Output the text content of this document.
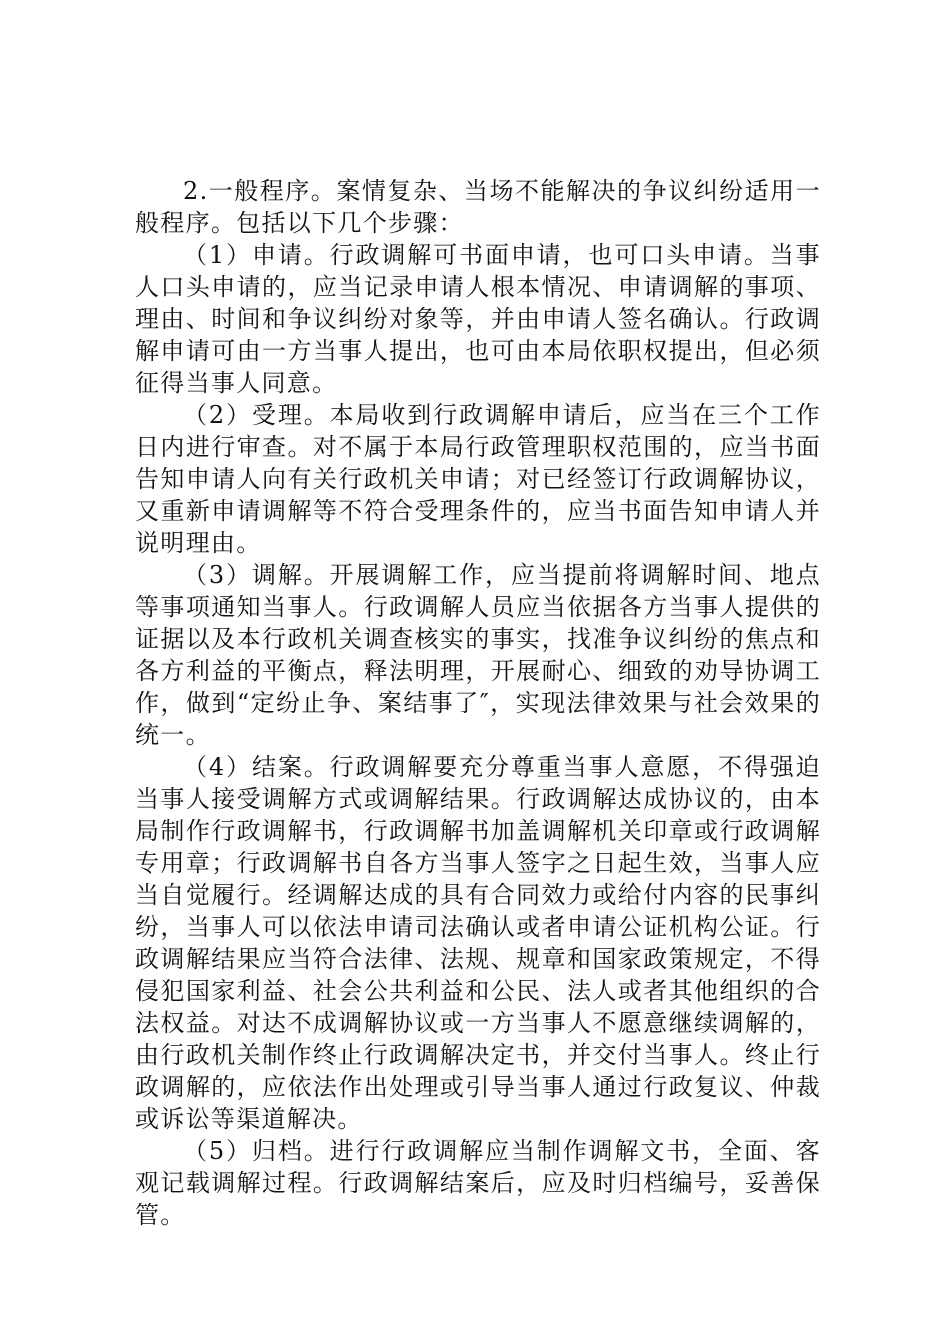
2.一般程序。案情复杂、当场不能解决的争议纠纷适用一般程序。包括以下几个步骤：

（1）申请。行政调解可书面申请，也可口头申请。当事人口头申请的，应当记录申请人根本情况、申请调解的事项、理由、时间和争议纠纷对象等，并由申请人签名确认。行政调解申请可由一方当事人提出，也可由本局依职权提出，但必须征得当事人同意。

（2）受理。本局收到行政调解申请后，应当在三个工作日内进行审查。对不属于本局行政管理职权范围的，应当书面告知申请人向有关行政机关申请；对已经签订行政调解协议，又重新申请调解等不符合受理条件的，应当书面告知申请人并说明理由。

（3）调解。开展调解工作，应当提前将调解时间、地点等事项通知当事人。行政调解人员应当依据各方当事人提供的证据以及本行政机关调查核实的事实，找准争议纠纷的焦点和各方利益的平衡点，释法明理，开展耐心、细致的劝导协调工作，做到“定纷止争、案结事了″，实现法律效果与社会效果的统一。

（4）结案。行政调解要充分尊重当事人意愿，不得强迫当事人接受调解方式或调解结果。行政调解达成协议的，由本局制作行政调解书，行政调解书加盖调解机关印章或行政调解专用章；行政调解书自各方当事人签字之日起生效，当事人应当自觉履行。经调解达成的具有合同效力或给付内容的民事纠纷，当事人可以依法申请司法确认或者申请公证机构公证。行政调解结果应当符合法律、法规、规章和国家政策规定，不得侵犯国家利益、社会公共利益和公民、法人或者其他组织的合法权益。对达不成调解协议或一方当事人不愿意继续调解的，由行政机关制作终止行政调解决定书，并交付当事人。终止行政调解的，应依法作出处理或引导当事人通过行政复议、仲裁或诉讼等渠道解决。

（5）归档。进行行政调解应当制作调解文书，全面、客观记载调解过程。行政调解结案后，应及时归档编号，妥善保管。
